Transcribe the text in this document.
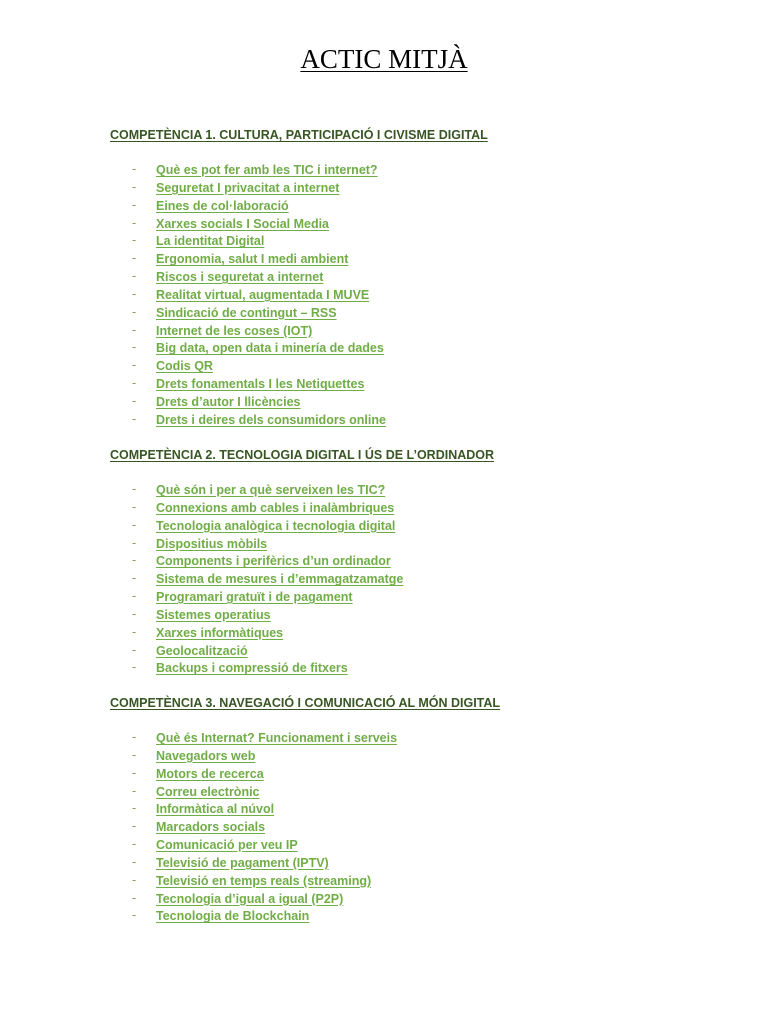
ACTIC MITJÀ
COMPETÈNCIA 1. CULTURA, PARTICIPACIÓ I CIVISME DIGITAL
- Què es pot fer amb les TIC i internet?
- Seguretat I privacitat a internet
- Eines de col·laboració
- Xarxes socials I Social Media
- La identitat Digital
- Ergonomia, salut I medi ambient
- Riscos i seguretat a internet
- Realitat virtual, augmentada I MUVE
- Sindicació de contingut – RSS
- Internet de les coses (IOT)
- Big data, open data i minería de dades
- Codis QR
- Drets fonamentals I les Netiquettes
- Drets d’autor I llicències
- Drets i deires dels consumidors online
COMPETÈNCIA 2. TECNOLOGIA DIGITAL I ÚS DE L’ORDINADOR
- Què són i per a què serveixen les TIC?
- Connexions amb cables i inalàmbriques
- Tecnologia analògica i tecnologia digital
- Dispositius mòbils
- Components i perifèrics d’un ordinador
- Sistema de mesures i d’emmagatzamatge
- Programari gratuït i de pagament
- Sistemes operatius
- Xarxes informàtiques
- Geolocalització
- Backups i compressió de fitxers
COMPETÈNCIA 3. NAVEGACIÓ I COMUNICACIÓ AL MÓN DIGITAL
- Què és Internat? Funcionament i serveis
- Navegadors web
- Motors de recerca
- Correu electrònic
- Informàtica al núvol
- Marcadors socials
- Comunicació per veu IP
- Televisió de pagament (IPTV)
- Televisió en temps reals (streaming)
- Tecnologia d’igual a igual (P2P)
- Tecnologia de Blockchain
